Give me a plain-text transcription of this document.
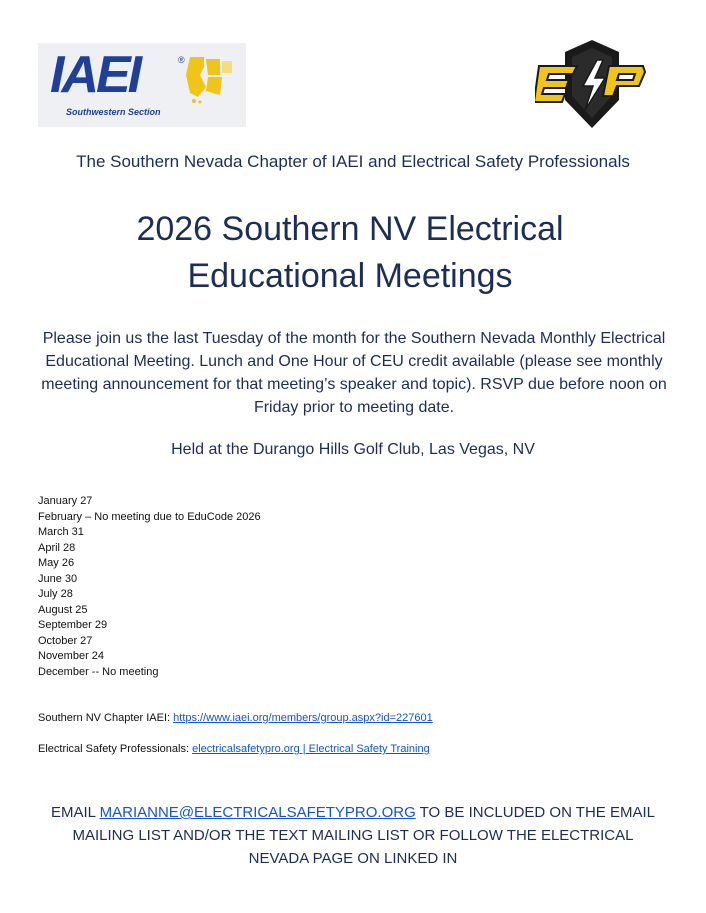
IAEI	®
Southwestern Section
The Southern Nevada Chapter of IAEI and Electrical Safety Professionals
2026 Southern NV Electrical
Educational Meetings
Please join us the last Tuesday of the month for the Southern Nevada Monthly Electrical Educational Meeting. Lunch and One Hour of CEU credit available (please see monthly meeting announcement for that meeting’s speaker and topic). RSVP due before noon on Friday prior to meeting date.
Held at the Durango Hills Golf Club, Las Vegas, NV
January 27
February – No meeting due to EduCode 2026
March 31
April 28
May 26
June 30
July 28
August 25
September 29
October 27
November 24
December -- No meeting
Southern NV Chapter IAEI: https://www.iaei.org/members/group.aspx?id=227601
Electrical Safety Professionals: electricalsafetypro.org | Electrical Safety Training
EMAIL MARIANNE@ELECTRICALSAFETYPRO.ORG TO BE INCLUDED ON THE EMAIL MAILING LIST AND/OR THE TEXT MAILING LIST OR FOLLOW THE ELECTRICAL NEVADA PAGE ON LINKED IN
